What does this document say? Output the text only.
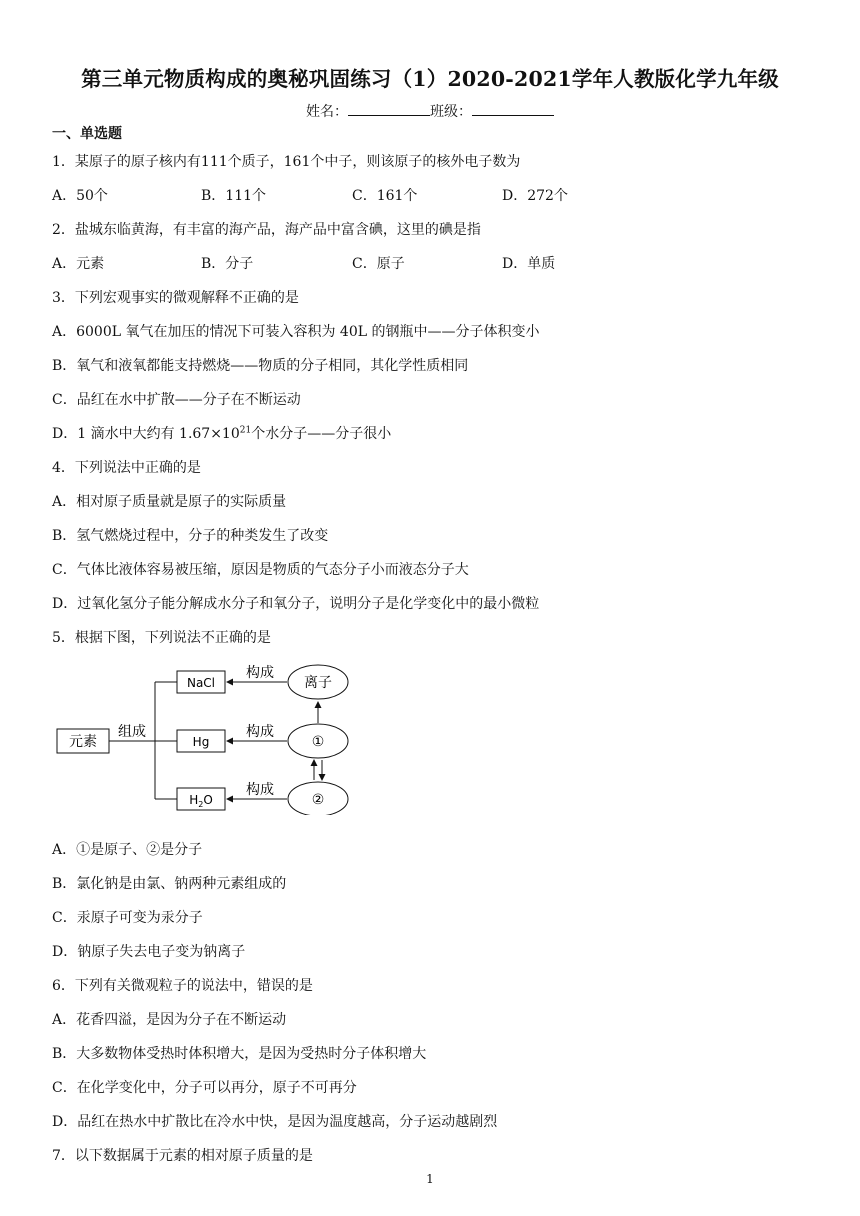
第三单元物质构成的奥秘巩固练习（1）2020-2021学年人教版化学九年级
姓名：	班级：
一、单选题
1．某原子的原子核内有111个质子，161个中子，则该原子的核外电子数为
A．50个	B．111个	C．161个	D．272个
2．盐城东临黄海，有丰富的海产品，海产品中富含碘，这里的碘是指
A．元素	B．分子	C．原子	D．单质
3．下列宏观事实的微观解释不正确的是
A．6000L 氧气在加压的情况下可装入容积为 40L 的钢瓶中——分子体积变小
B．氧气和液氧都能支持燃烧——物质的分子相同，其化学性质相同
C．品红在水中扩散——分子在不断运动
D．1 滴水中大约有 $1.67\times 10^{21}$个水分子——分子很小
4．下列说法中正确的是
A．相对原子质量就是原子的实际质量
B．氢气燃烧过程中，分子的种类发生了改变
C．气体比液体容易被压缩，原因是物质的气态分子小而液态分子大
D．过氧化氢分子能分解成水分子和氧分子，说明分子是化学变化中的最小微粒
5．根据下图，下列说法不正确的是
元素
组成
NaCl
Hg
$H_2O$
构成
构成
构成
离子
①
②
A．①是原子、②是分子
B．氯化钠是由氯、钠两种元素组成的
C．汞原子可变为汞分子
D．钠原子失去电子变为钠离子
6．下列有关微观粒子的说法中，错误的是
A．花香四溢，是因为分子在不断运动
B．大多数物体受热时体积增大，是因为受热时分子体积增大
C．在化学变化中，分子可以再分，原子不可再分
D．品红在热水中扩散比在冷水中快，是因为温度越高，分子运动越剧烈
7．以下数据属于元素的相对原子质量的是
1
